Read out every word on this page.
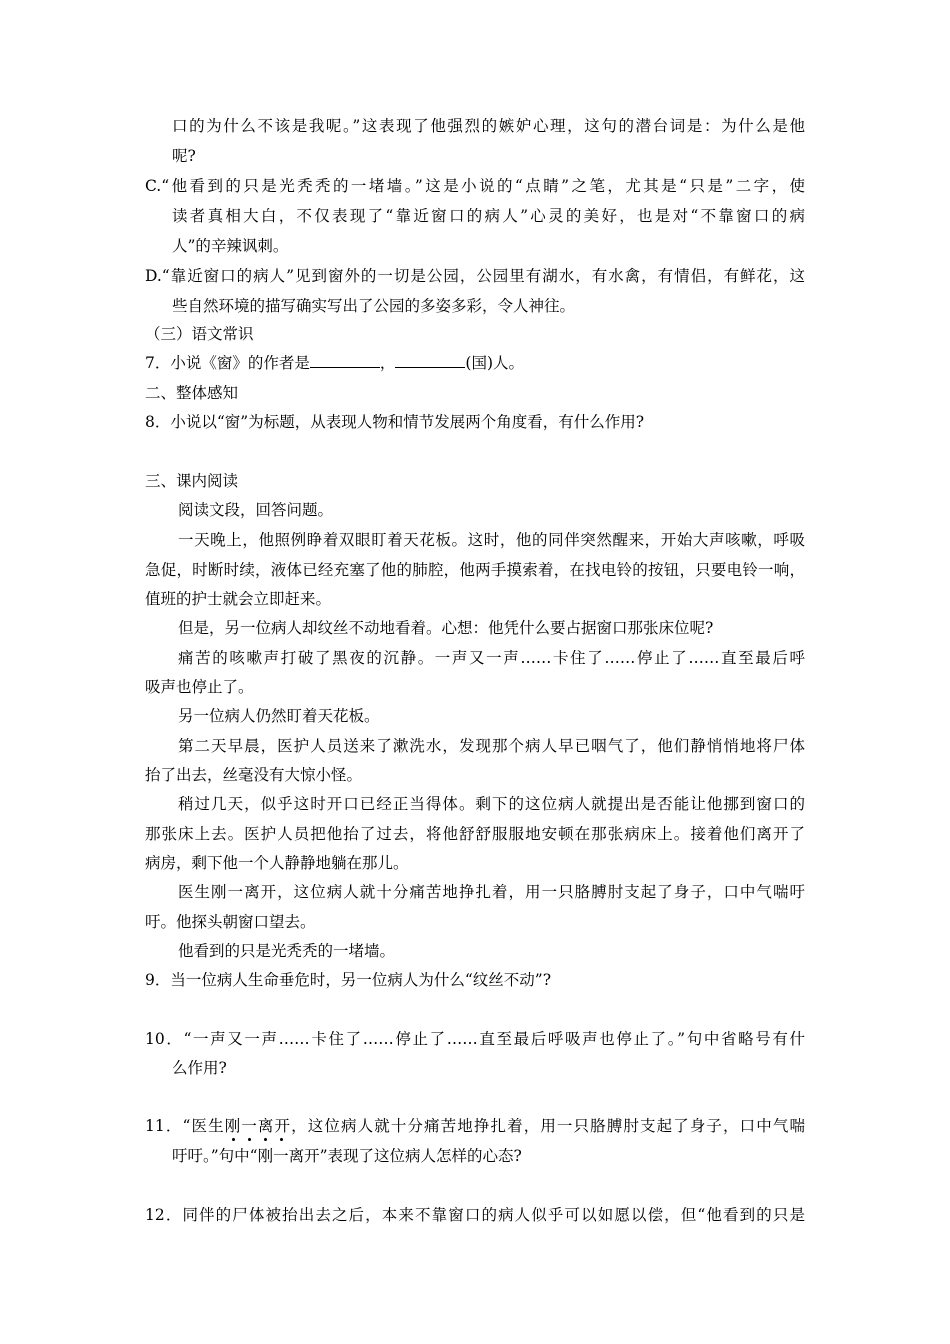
口的为什么不该是我呢。”这表现了他强烈的嫉妒心理，这句的潜台词是：为什么是他
呢?
C.“他看到的只是光秃秃的一堵墙。”这是小说的“点睛”之笔，尤其是“只是”二字，使
读者真相大白，不仅表现了“靠近窗口的病人”心灵的美好，也是对“不靠窗口的病
人”的辛辣讽刺。
D.“靠近窗口的病人”见到窗外的一切是公园，公园里有湖水，有水禽，有情侣，有鲜花，这
些自然环境的描写确实写出了公园的多姿多彩，令人神往。
（三）语文常识
7．小说《窗》的作者是	，	(国)人。
二、整体感知
8．小说以“窗”为标题，从表现人物和情节发展两个角度看，有什么作用?
三、课内阅读
阅读文段，回答问题。
一天晚上，他照例睁着双眼盯着天花板。这时，他的同伴突然醒来，开始大声咳嗽，呼吸
急促，时断时续，液体已经充塞了他的肺腔，他两手摸索着，在找电铃的按钮，只要电铃一响，
值班的护士就会立即赶来。
但是，另一位病人却纹丝不动地看着。心想：他凭什么要占据窗口那张床位呢?
痛苦的咳嗽声打破了黑夜的沉静。一声又一声……卡住了……停止了……直至最后呼
吸声也停止了。
另一位病人仍然盯着天花板。
第二天早晨，医护人员送来了漱洗水，发现那个病人早已咽气了，他们静悄悄地将尸体
抬了出去，丝毫没有大惊小怪。
稍过几天，似乎这时开口已经正当得体。剩下的这位病人就提出是否能让他挪到窗口的
那张床上去。医护人员把他抬了过去，将他舒舒服服地安顿在那张病床上。接着他们离开了
病房，剩下他一个人静静地躺在那儿。
医生刚一离开，这位病人就十分痛苦地挣扎着，用一只胳膊肘支起了身子，口中气喘吁
吁。他探头朝窗口望去。
他看到的只是光秃秃的一堵墙。
9．当一位病人生命垂危时，另一位病人为什么“纹丝不动”?
10．“一声又一声……卡住了……停止了……直至最后呼吸声也停止了。”句中省略号有什
么作用?
11．“医生刚一离开，这位病人就十分痛苦地挣扎着，用一只胳膊肘支起了身子，口中气喘
吁吁。”句中“刚一离开”表现了这位病人怎样的心态?
12．同伴的尸体被抬出去之后，本来不靠窗口的病人似乎可以如愿以偿，但“他看到的只是
